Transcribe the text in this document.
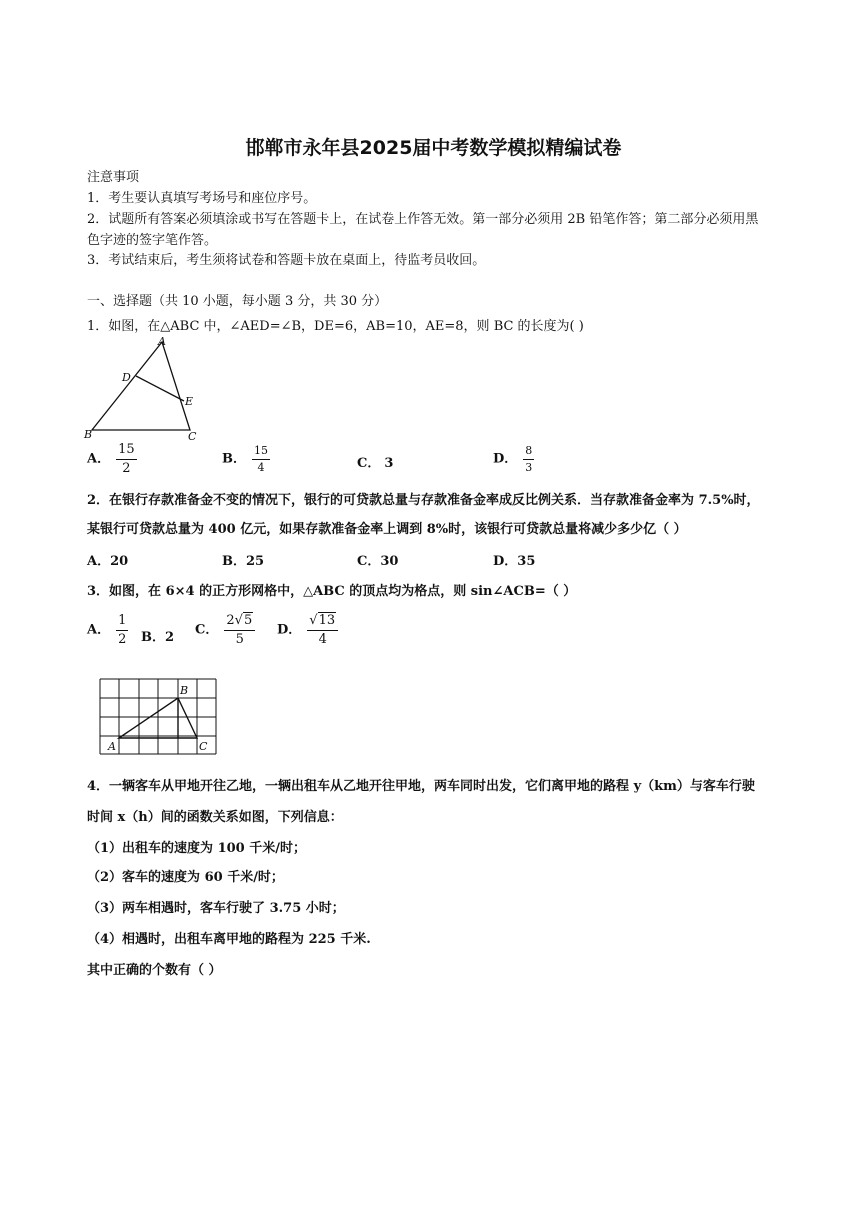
邯郸市永年县2025届中考数学模拟精编试卷
注意事项
1．考生要认真填写考场号和座位序号。
2．试题所有答案必须填涂或书写在答题卡上，在试卷上作答无效。第一部分必须用 2B 铅笔作答；第二部分必须用黑
色字迹的签字笔作答。
3．考试结束后，考生须将试卷和答题卡放在桌面上，待监考员收回。
一、选择题（共 10 小题，每小题 3 分，共 30 分）
1．如图，在△ABC 中，∠AED=∠B，DE=6，AB=10，AE=8，则 BC 的长度为( )
A
D
E
B	C
A． $\frac{15}{2}$	B． $\frac{15}{4}$	C． 3	D． $\frac{8}{3}$
2．在银行存款准备金不变的情况下，银行的可贷款总量与存款准备金率成反比例关系．当存款准备金率为 7.5%时，
某银行可贷款总量为 400 亿元，如果存款准备金率上调到 8%时，该银行可贷款总量将减少多少亿（ ）
A．20	B．25	C．30	D．35
3．如图，在 6×4 的正方形网格中，△ABC 的顶点均为格点，则 sin∠ACB=（ ）
A． $\frac{1}{2}$ B．2 C． $\frac{2√5}{5}$ D． $\frac{√13}{4}$
A
B
C
4．一辆客车从甲地开往乙地，一辆出租车从乙地开往甲地，两车同时出发，它们离甲地的路程 y（km）与客车行驶
时间 x（h）间的函数关系如图，下列信息：
（1）出租车的速度为 100 千米/时；
（2）客车的速度为 60 千米/时；
（3）两车相遇时，客车行驶了 3.75 小时；
（4）相遇时，出租车离甲地的路程为 225 千米.
其中正确的个数有（ ）
